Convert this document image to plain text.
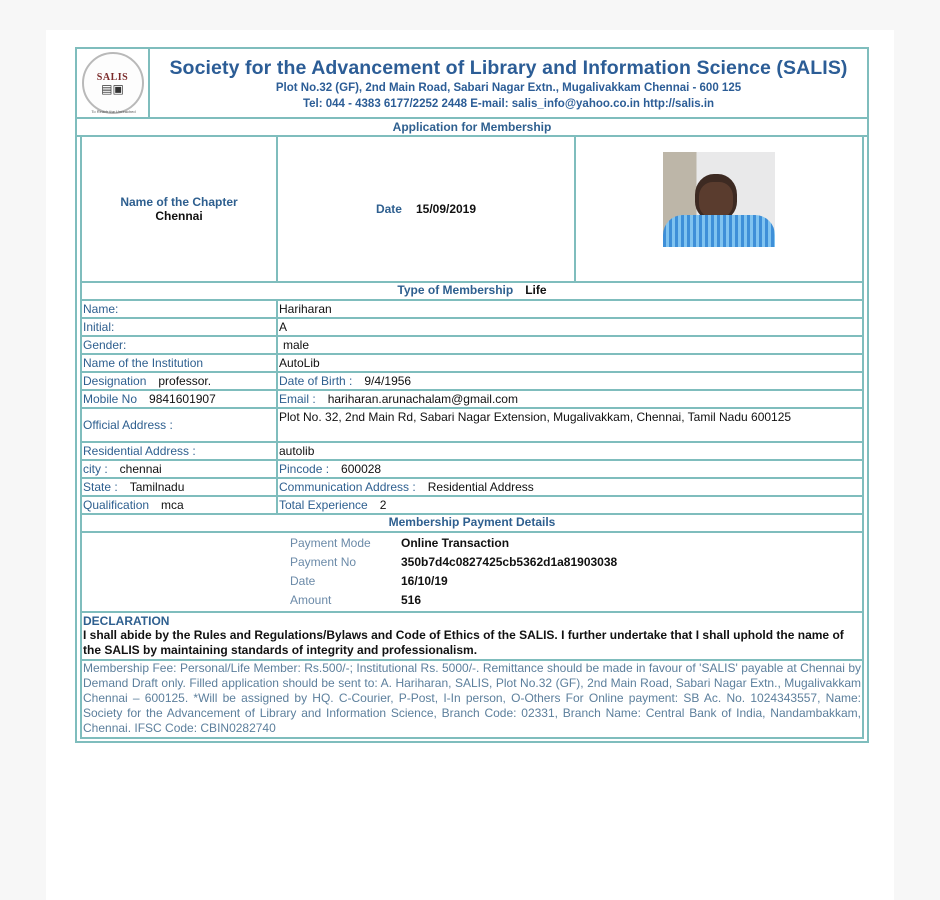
SALIS
▤▣
To Reach the Unreached
Society for the Advancement of Library and Information Science (SALIS)
Plot No.32 (GF), 2nd Main Road, Sabari Nagar Extn., Mugalivakkam Chennai - 600 125
Tel: 044 - 4383 6177/2252 2448 E-mail: salis_info@yahoo.co.in http://salis.in
Application for Membership
Name of the Chapter
Chennai	Date 15/09/2019
Type of Membership Life
Name:	Hariharan
Initial:	A
Gender:	male
Name of the Institution	AutoLib
Designation professor.	Date of Birth : 9/4/1956
Mobile No 9841601907	Email : hariharan.arunachalam@gmail.com
Official Address :
Plot No. 32, 2nd Main Rd, Sabari Nagar Extension, Mugalivakkam, Chennai, Tamil Nadu 600125
Residential Address :	autolib
city : chennai	Pincode : 600028
State : Tamilnadu	Communication Address : Residential Address
Qualification mca	Total Experience 2
Membership Payment Details
Payment Mode	Online Transaction
Payment No	350b7d4c0827425cb5362d1a81903038
Date	16/10/19
Amount	516
DECLARATION
I shall abide by the Rules and Regulations/Bylaws and Code of Ethics of the SALIS. I further undertake that I shall uphold the name of the SALIS by maintaining standards of integrity and professionalism.
Membership Fee: Personal/Life Member: Rs.500/-; Institutional Rs. 5000/-. Remittance should be made in favour of 'SALIS' payable at Chennai by Demand Draft only. Filled application should be sent to: A. Hariharan, SALIS, Plot No.32 (GF), 2nd Main Road, Sabari Nagar Extn., Mugalivakkam Chennai – 600125. *Will be assigned by HQ. C-Courier, P-Post, I-In person, O-Others For Online payment: SB Ac. No. 1024343557, Name: Society for the Advancement of Library and Information Science, Branch Code: 02331, Branch Name: Central Bank of India, Nandambakkam, Chennai. IFSC Code: CBIN0282740
